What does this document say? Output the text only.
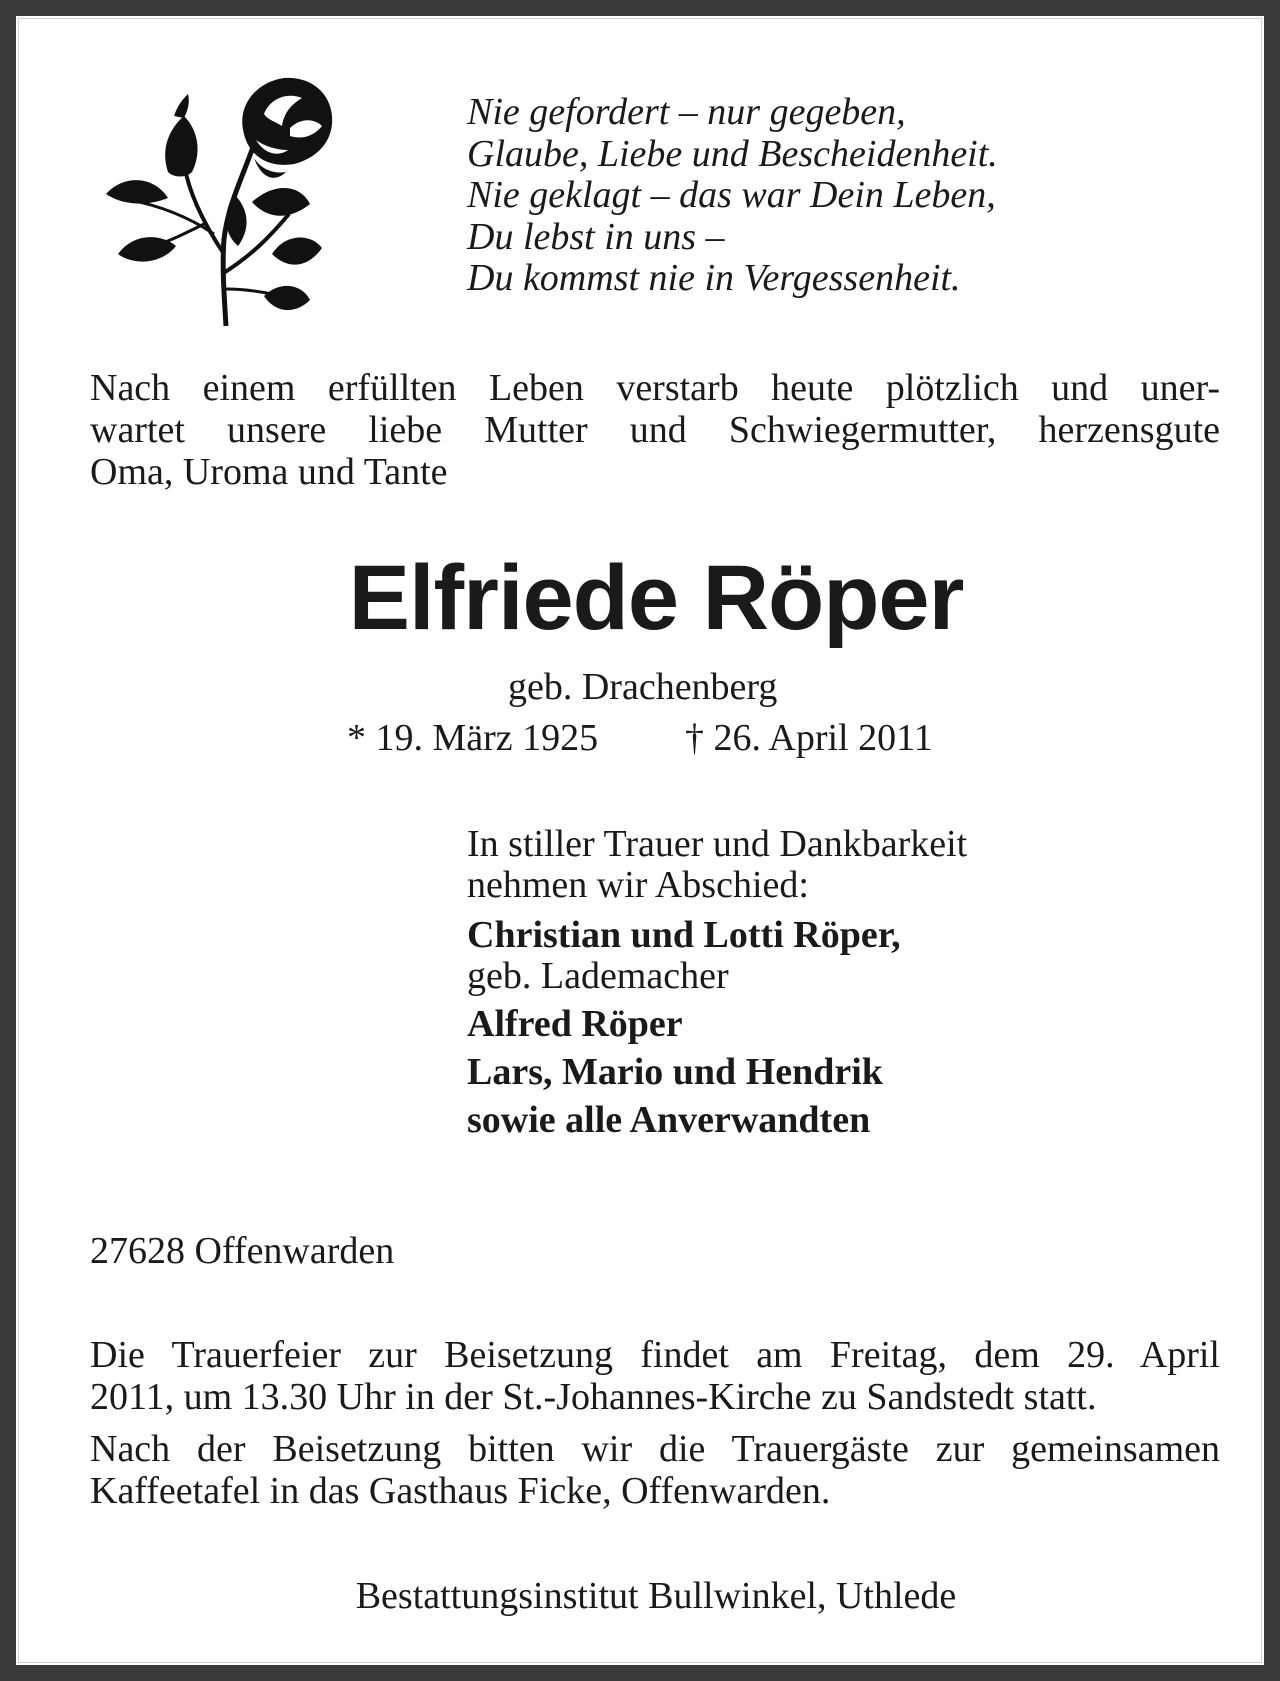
Nie gefordert – nur gegeben,
Glaube, Liebe und Bescheidenheit.
Nie geklagt – das war Dein Leben,
Du lebst in uns –
Du kommst nie in Vergessenheit.
Nach einem erfüllten Leben verstarb heute plötzlich und uner-
wartet unsere liebe Mutter und Schwiegermutter, herzensgute
Oma, Uroma und Tante
Elfriede Röper
geb. Drachenberg
* 19. März 1925 † 26. April 2011
In stiller Trauer und Dankbarkeit
nehmen wir Abschied:
Christian und Lotti Röper,
geb. Lademacher
Alfred Röper
Lars, Mario und Hendrik
sowie alle Anverwandten
27628 Offenwarden
Die Trauerfeier zur Beisetzung findet am Freitag, dem 29. April
2011, um 13.30 Uhr in der St.-Johannes-Kirche zu Sandstedt statt.
Nach der Beisetzung bitten wir die Trauergäste zur gemeinsamen
Kaffeetafel in das Gasthaus Ficke, Offenwarden.
Bestattungsinstitut Bullwinkel, Uthlede
